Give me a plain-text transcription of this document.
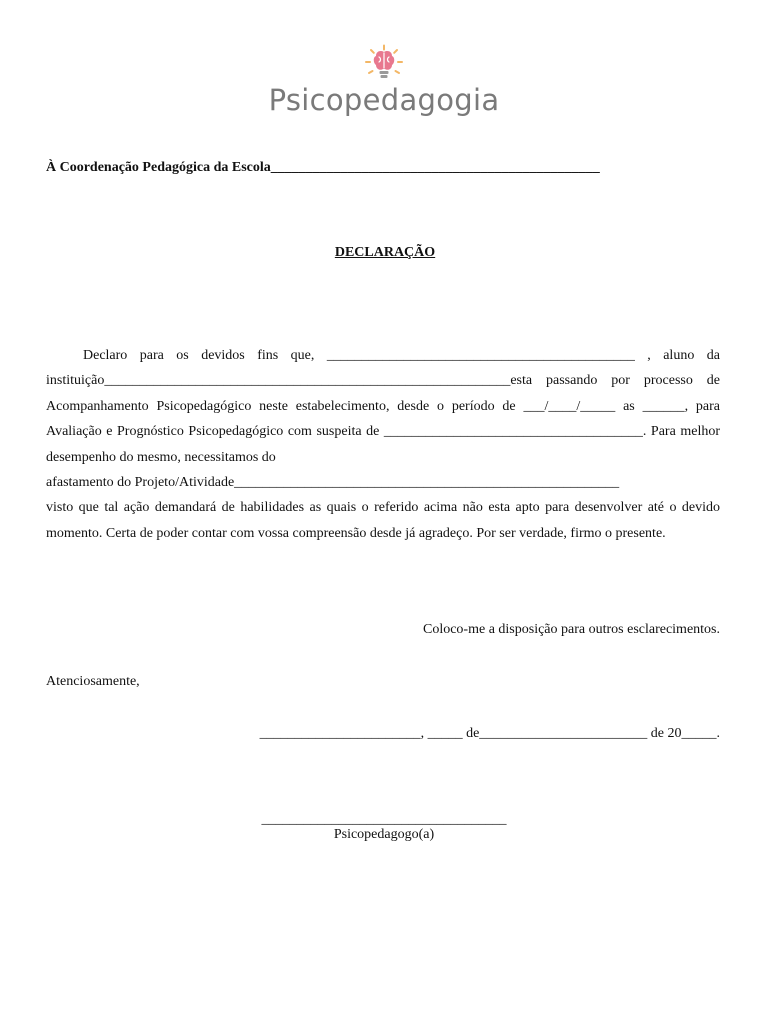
Psicopedagogia
À Coordenação Pedagógica da Escola_______________________________________________
DECLARAÇÃO

Declaro para os devidos fins que, ____________________________________________ , aluno da instituição__________________________________________________________esta passando por processo de Acompanhamento Psicopedagógico neste estabelecimento, desde o período de ___/____/_____ as ______, para Avaliação e Prognóstico Psicopedagógico com suspeita de _____________________________________. Para melhor desempenho do mesmo, necessitamos do

afastamento do Projeto/Atividade_______________________________________________________

visto que tal ação demandará de habilidades as quais o referido acima não esta apto para desenvolver até o devido momento. Certa de poder contar com vossa compreensão desde já agradeço. Por ser verdade, firmo o presente.

Coloco-me a disposição para outros esclarecimentos.
Atenciosamente,
_______________________, _____ de________________________ de 20_____.
___________________________________
Psicopedagogo(a)
